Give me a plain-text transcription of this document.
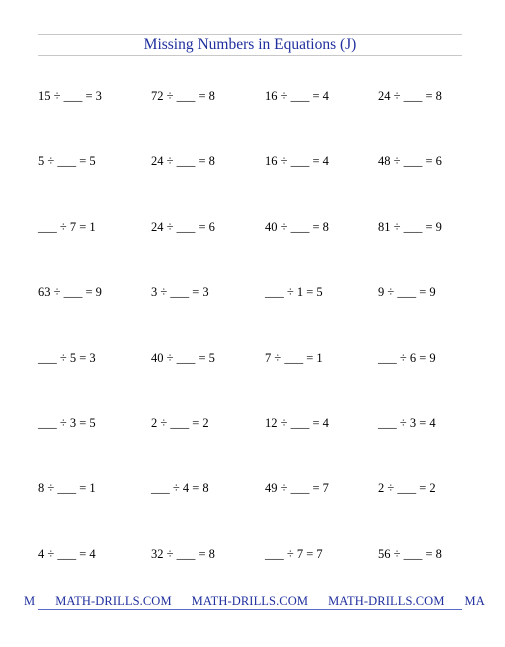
Missing Numbers in Equations (J)
15 ÷ ___ = 3	72 ÷ ___ = 8	16 ÷ ___ = 4	24 ÷ ___ = 8
5 ÷ ___ = 5	24 ÷ ___ = 8	16 ÷ ___ = 4	48 ÷ ___ = 6
___ ÷ 7 = 1	24 ÷ ___ = 6	40 ÷ ___ = 8	81 ÷ ___ = 9
63 ÷ ___ = 9	3 ÷ ___ = 3	___ ÷ 1 = 5	9 ÷ ___ = 9
___ ÷ 5 = 3	40 ÷ ___ = 5	7 ÷ ___ = 1	___ ÷ 6 = 9
___ ÷ 3 = 5	2 ÷ ___ = 2	12 ÷ ___ = 4	___ ÷ 3 = 4
8 ÷ ___ = 1	___ ÷ 4 = 8	49 ÷ ___ = 7	2 ÷ ___ = 2
4 ÷ ___ = 4	32 ÷ ___ = 8	___ ÷ 7 = 7	56 ÷ ___ = 8
M MATH-DRILLS.COM MATH-DRILLS.COM MATH-DRILLS.COM MA
